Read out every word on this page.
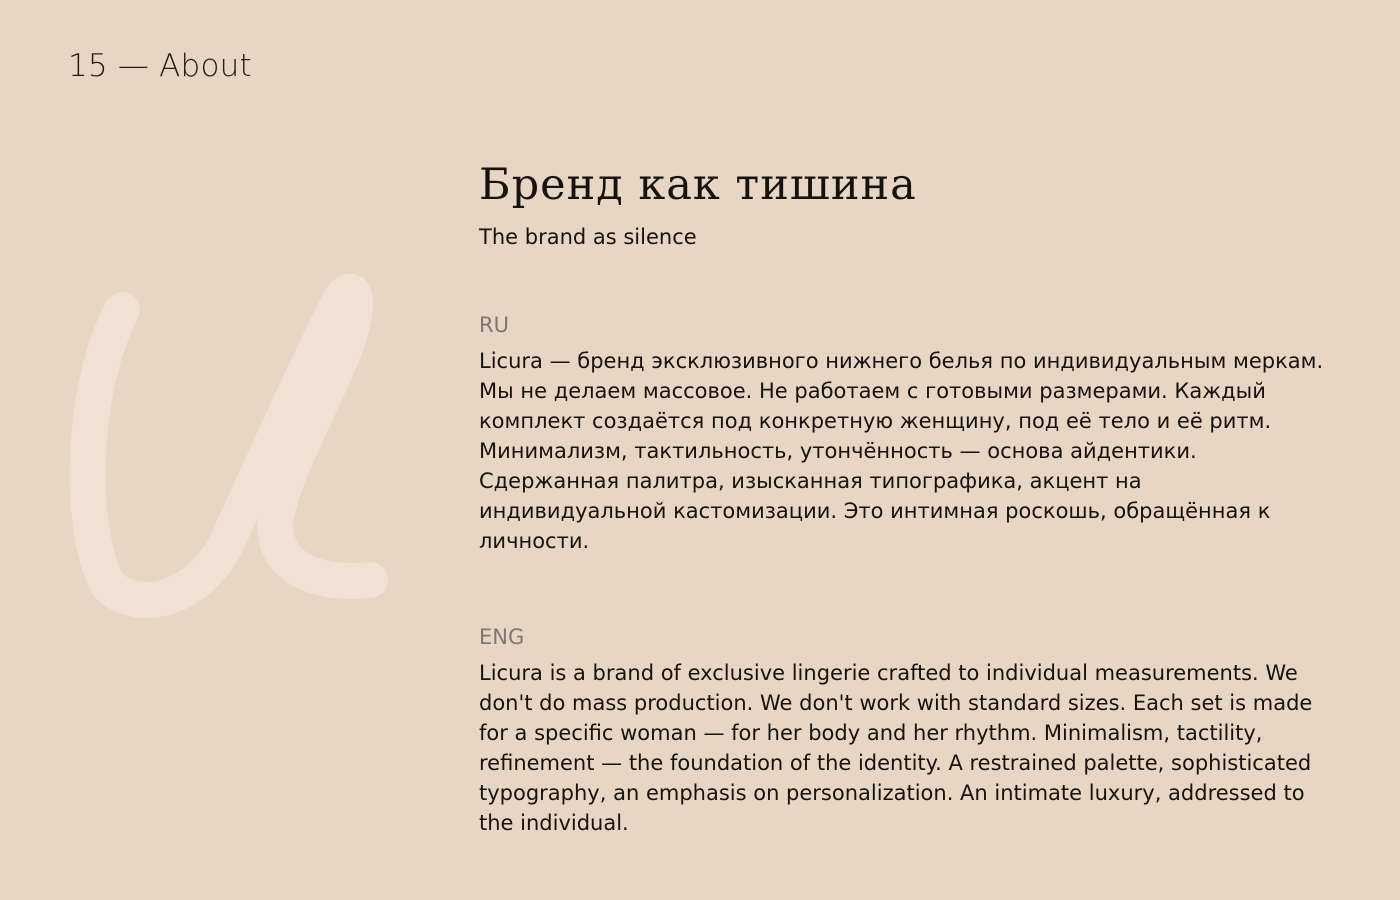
15 — About
Бренд как тишина
The brand as silence
RU
Licura — бренд эксклюзивного нижнего белья по индивидуальным меркам. Мы не делаем массовое. Не работаем с готовыми размерами. Каждый комплект создаётся под конкретную женщину, под её тело и её ритм. Минимализм, тактильность, утончённость — основа айдентики. Сдержанная палитра, изысканная типографика, акцент на индивидуальной кастомизации. Это интимная роскошь, обращённая к личности.
ENG
Licura is a brand of exclusive lingerie crafted to individual measurements. We don't do mass production. We don't work with standard sizes. Each set is made for a specific woman — for her body and her rhythm. Minimalism, tactility, refinement — the foundation of the identity. A restrained palette, sophisticated typography, an emphasis on personalization. An intimate luxury, addressed to the individual.
